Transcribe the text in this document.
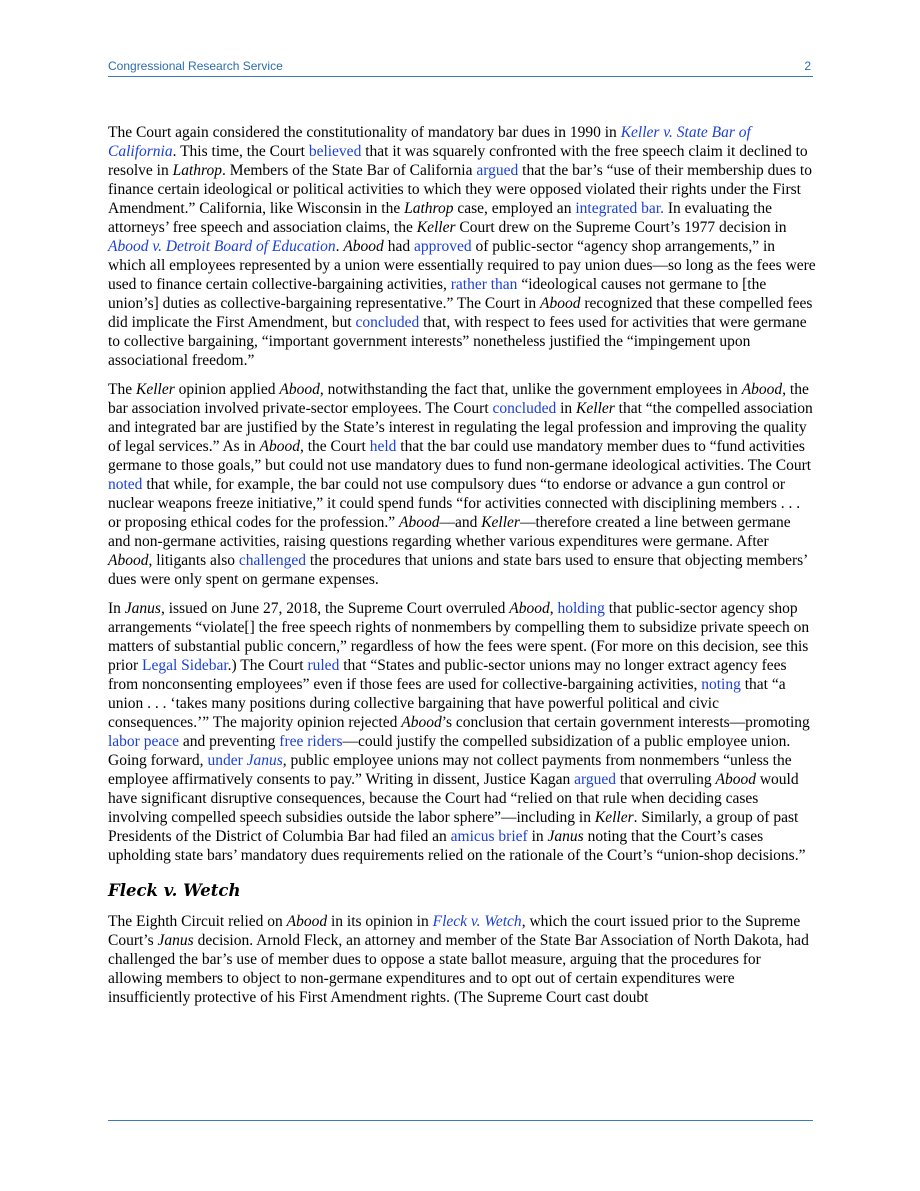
Congressional Research Service	2

The Court again considered the constitutionality of mandatory bar dues in 1990 in Keller v. State Bar of California. This time, the Court believed that it was squarely confronted with the free speech claim it declined to resolve in Lathrop. Members of the State Bar of California argued that the bar’s “use of their membership dues to finance certain ideological or political activities to which they were opposed violated their rights under the First Amendment.” California, like Wisconsin in the Lathrop case, employed an integrated bar. In evaluating the attorneys’ free speech and association claims, the Keller Court drew on the Supreme Court’s 1977 decision in Abood v. Detroit Board of Education. Abood had approved of public-sector “agency shop arrangements,” in which all employees represented by a union were essentially required to pay union dues—so long as the fees were used to finance certain collective-bargaining activities, rather than “ideological causes not germane to [the union’s] duties as collective-bargaining representative.” The Court in Abood recognized that these compelled fees did implicate the First Amendment, but concluded that, with respect to fees used for activities that were germane to collective bargaining, “important government interests” nonetheless justified the “impingement upon associational freedom.”

The Keller opinion applied Abood, notwithstanding the fact that, unlike the government employees in Abood, the bar association involved private-sector employees. The Court concluded in Keller that “the compelled association and integrated bar are justified by the State’s interest in regulating the legal profession and improving the quality of legal services.” As in Abood, the Court held that the bar could use mandatory member dues to “fund activities germane to those goals,” but could not use mandatory dues to fund non-germane ideological activities. The Court noted that while, for example, the bar could not use compulsory dues “to endorse or advance a gun control or nuclear weapons freeze initiative,” it could spend funds “for activities connected with disciplining members . . . or proposing ethical codes for the profession.” Abood—and Keller—therefore created a line between germane and non-germane activities, raising questions regarding whether various expenditures were germane. After Abood, litigants also challenged the procedures that unions and state bars used to ensure that objecting members’ dues were only spent on germane expenses.

In Janus, issued on June 27, 2018, the Supreme Court overruled Abood, holding that public-sector agency shop arrangements “violate[] the free speech rights of nonmembers by compelling them to subsidize private speech on matters of substantial public concern,” regardless of how the fees were spent. (For more on this decision, see this prior Legal Sidebar.) The Court ruled that “States and public-sector unions may no longer extract agency fees from nonconsenting employees” even if those fees are used for collective-bargaining activities, noting that “a union . . . ‘takes many positions during collective bargaining that have powerful political and civic consequences.’” The majority opinion rejected Abood’s conclusion that certain government interests—promoting labor peace and preventing free riders—could justify the compelled subsidization of a public employee union. Going forward, under Janus, public employee unions may not collect payments from nonmembers “unless the employee affirmatively consents to pay.” Writing in dissent, Justice Kagan argued that overruling Abood would have significant disruptive consequences, because the Court had “relied on that rule when deciding cases involving compelled speech subsidies outside the labor sphere”—including in Keller. Similarly, a group of past Presidents of the District of Columbia Bar had filed an amicus brief in Janus noting that the Court’s cases upholding state bars’ mandatory dues requirements relied on the rationale of the Court’s “union-shop decisions.”

Fleck v. Wetch

The Eighth Circuit relied on Abood in its opinion in Fleck v. Wetch, which the court issued prior to the Supreme Court’s Janus decision. Arnold Fleck, an attorney and member of the State Bar Association of North Dakota, had challenged the bar’s use of member dues to oppose a state ballot measure, arguing that the procedures for allowing members to object to non-germane expenditures and to opt out of certain expenditures were insufficiently protective of his First Amendment rights. (The Supreme Court cast doubt
